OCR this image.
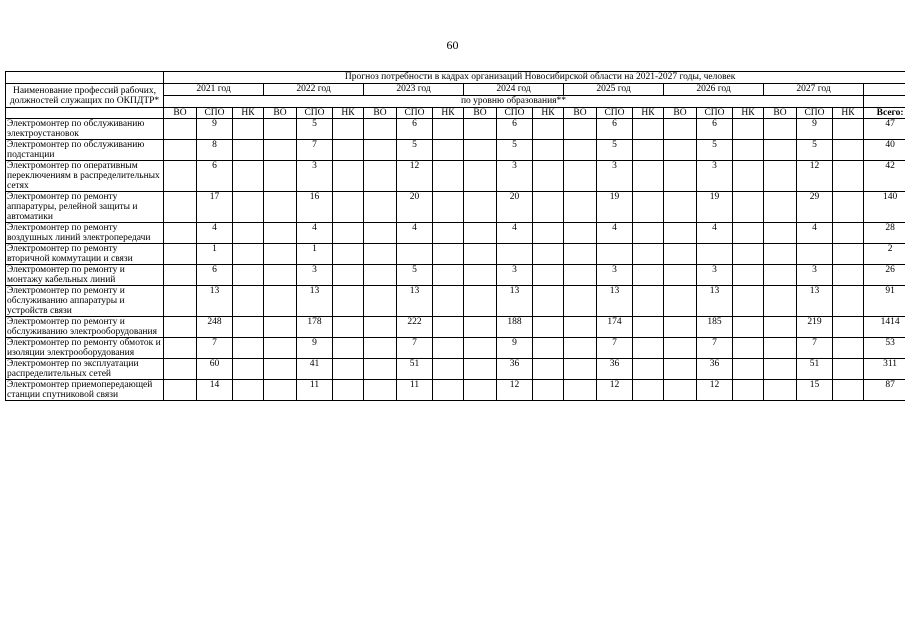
60
	Прогноз потребности в кадрах организаций Новосибирской области на 2021-2027 годы, человек																					
Наименование профессий рабочих, должностей служащих по ОКПДТР*	2021 год			2022 год			2023 год			2024 год			2025 год			2026 год			2027 год			
	по уровню образования**																					
	ВО	СПО	НК	ВО	СПО	НК	ВО	СПО	НК	ВО	СПО	НК	ВО	СПО	НК	ВО	СПО	НК	ВО	СПО	НК	Всего:
Электромонтер по обслуживанию электроустановок		9			5			6			6			6			6			9		47
Электромонтер по обслуживанию подстанции		8			7			5			5			5			5			5		40
Электромонтер по оперативным переключениям в распределительных сетях		6			3			12			3			3			3			12		42
Электромонтер по ремонту аппаратуры, релейной защиты и автоматики		17			16			20			20			19			19			29		140
Электромонтер по ремонту воздушных линий электропередачи		4			4			4			4			4			4			4		28
Электромонтер по ремонту вторичной коммутации и связи		1			1																	2
Электромонтер по ремонту и монтажу кабельных линий		6			3			5			3			3			3			3		26
Электромонтер по ремонту и обслуживанию аппаратуры и устройств связи		13			13			13			13			13			13			13		91
Электромонтер по ремонту и обслуживанию электрооборудования		248			178			222			188			174			185			219		1414
Электромонтер по ремонту обмоток и изоляции электрооборудования		7			9			7			9			7			7			7		53
Электромонтер по эксплуатации распределительных сетей		60			41			51			36			36			36			51		311
Электромонтер приемопередающей станции спутниковой связи		14			11			11			12			12			12			15		87
